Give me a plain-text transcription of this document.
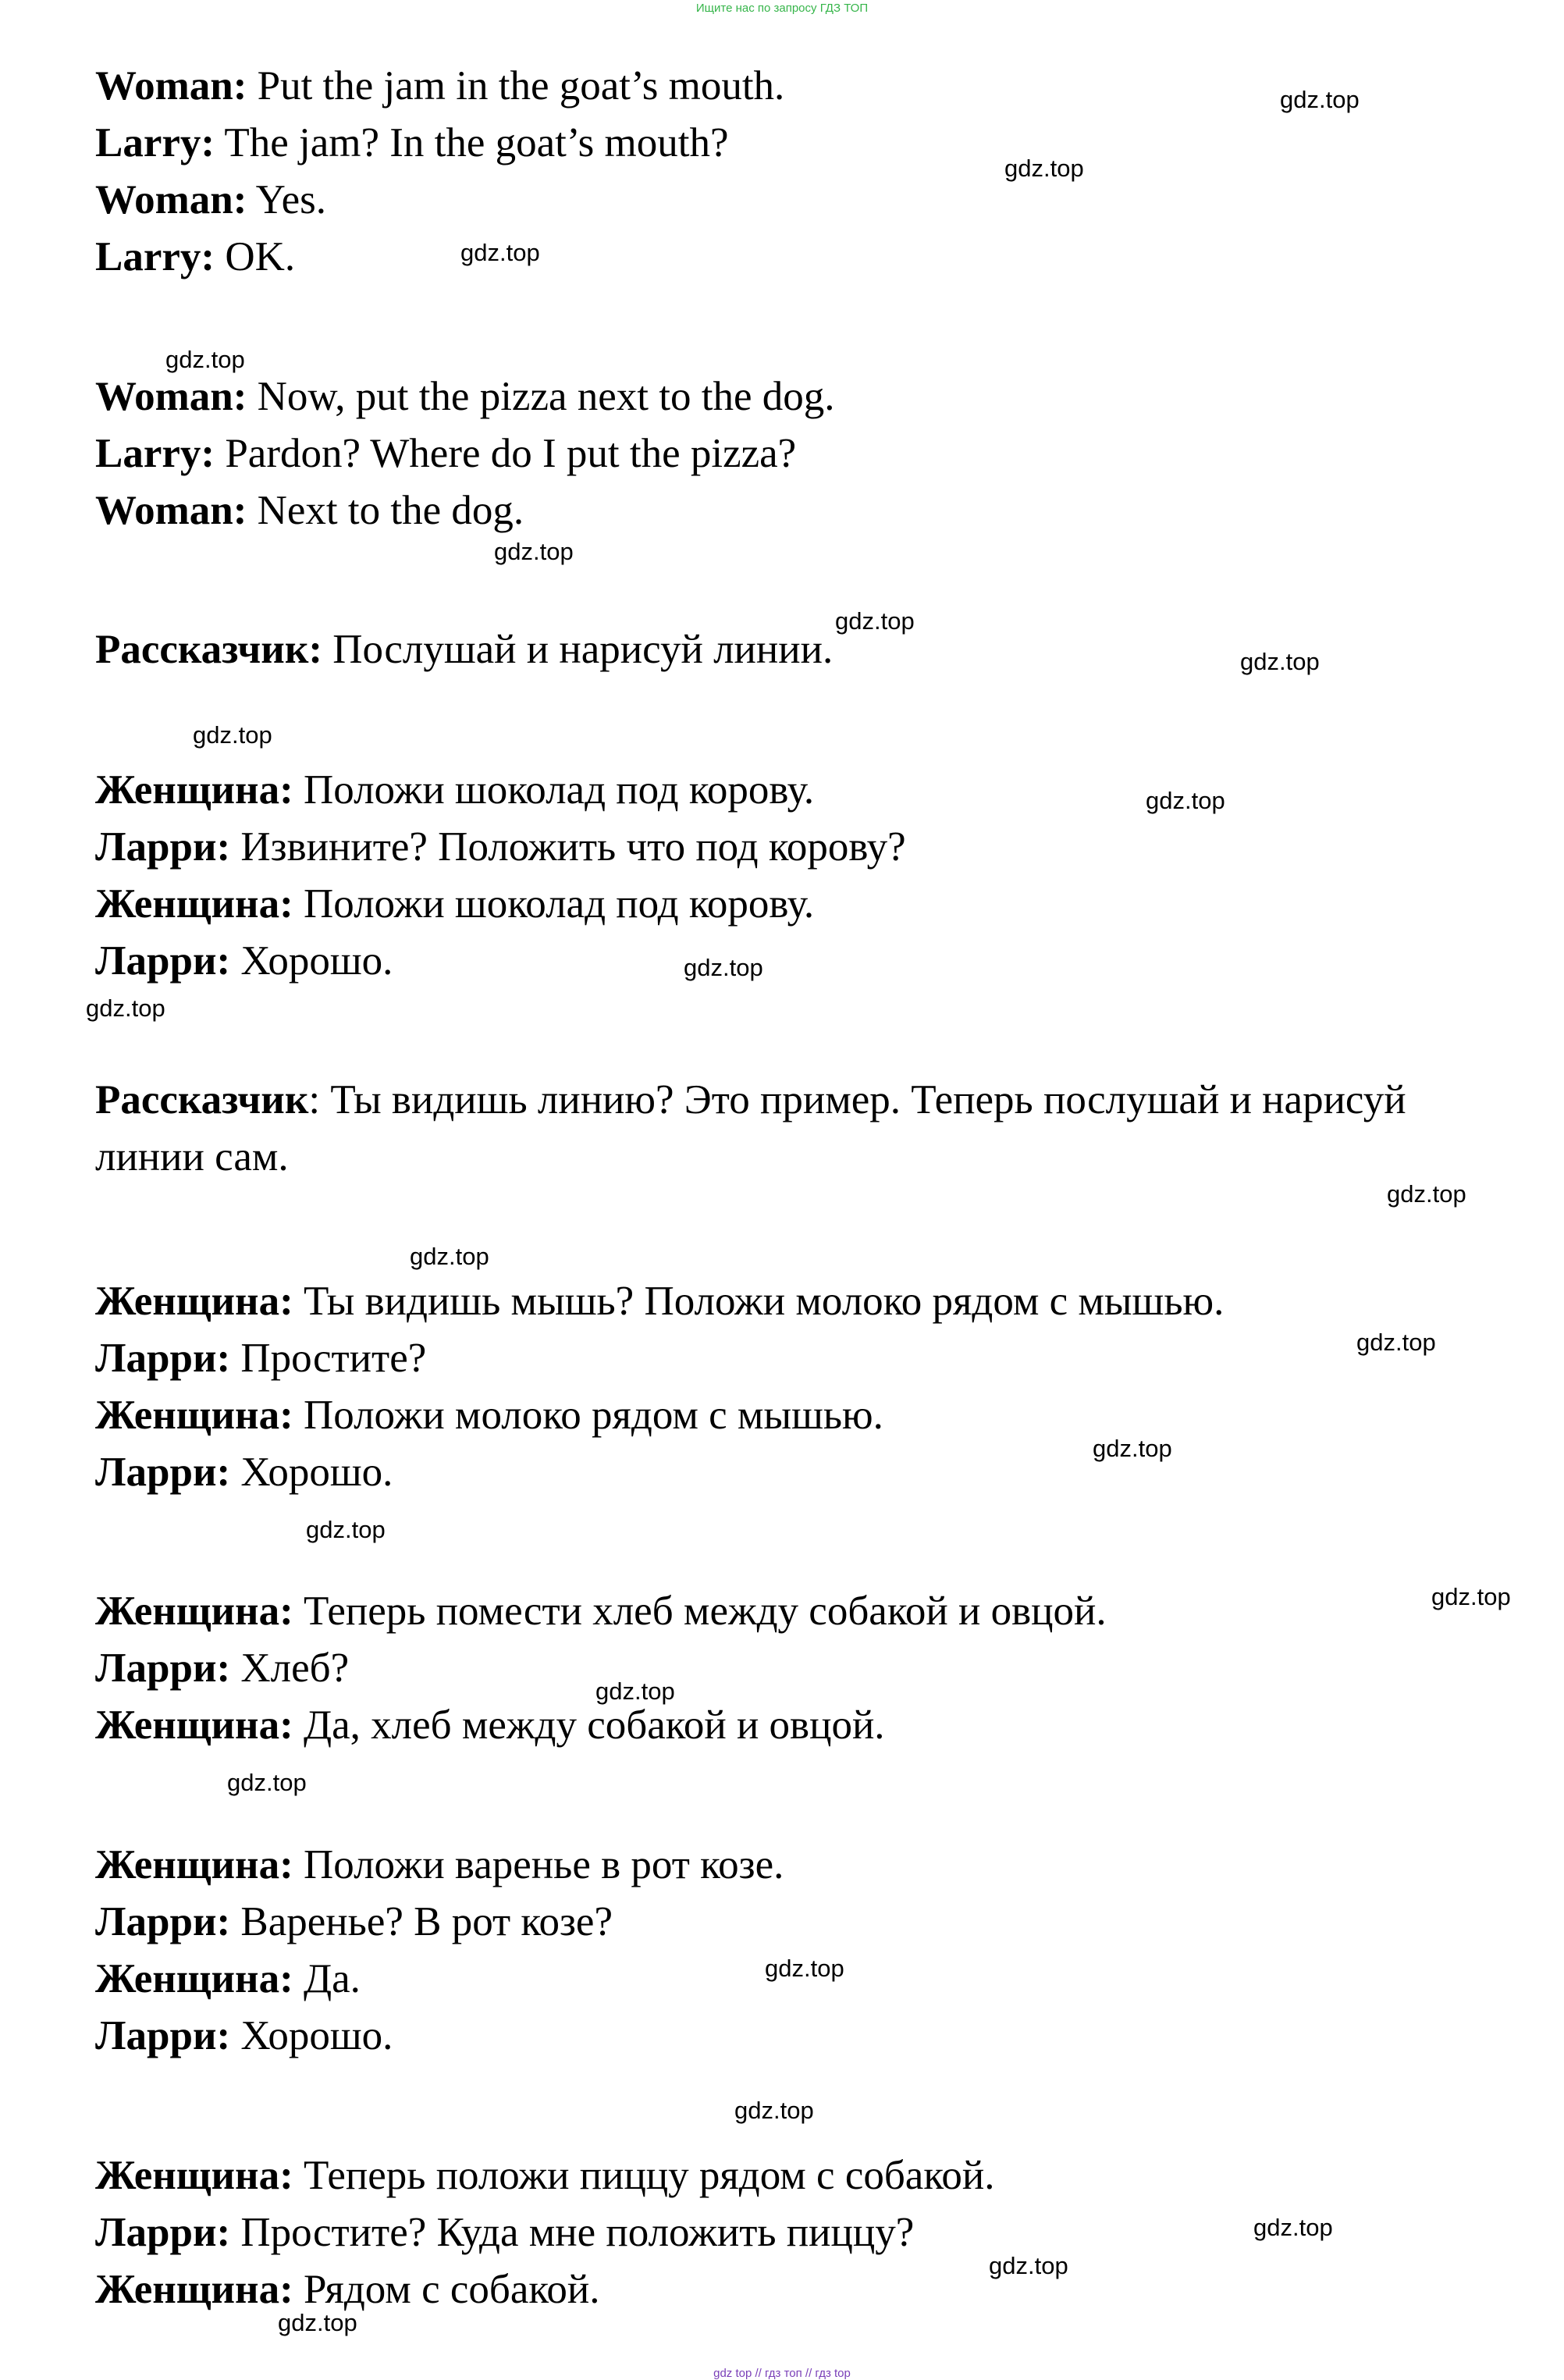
Ищите нас по запросу ГДЗ ТОП

Woman: Put the jam in the goat’s mouth.

Larry: The jam? In the goat’s mouth?

Woman: Yes.

Larry: OK.

Woman: Now, put the pizza next to the dog.

Larry: Pardon? Where do I put the pizza?

Woman: Next to the dog.

Рассказчик: Послушай и нарисуй линии.

Женщина: Положи шоколад под корову.

Ларри: Извините? Положить что под корову?

Женщина: Положи шоколад под корову.

Ларри: Хорошо.

Рассказчик: Ты видишь линию? Это пример. Теперь послушай и нарисуй

линии сам.

Женщина: Ты видишь мышь? Положи молоко рядом с мышью.

Ларри: Простите?

Женщина: Положи молоко рядом с мышью.

Ларри: Хорошо.

Женщина: Теперь помести хлеб между собакой и овцой.

Ларри: Хлеб?

Женщина: Да, хлеб между собакой и овцой.

Женщина: Положи варенье в рот козе.

Ларри: Варенье? В рот козе?

Женщина: Да.

Ларри: Хорошо.

Женщина: Теперь положи пиццу рядом с собакой.

Ларри: Простите? Куда мне положить пиццу?

Женщина: Рядом с собакой.

gdz.top
gdz.top
gdz.top
gdz.top
gdz.top
gdz.top
gdz.top
gdz.top
gdz.top
gdz.top
gdz.top
gdz.top
gdz.top
gdz.top
gdz.top
gdz.top
gdz.top
gdz.top
gdz.top
gdz.top
gdz.top
gdz.top
gdz.top
gdz.top
gdz top // гдз топ // гдз top
